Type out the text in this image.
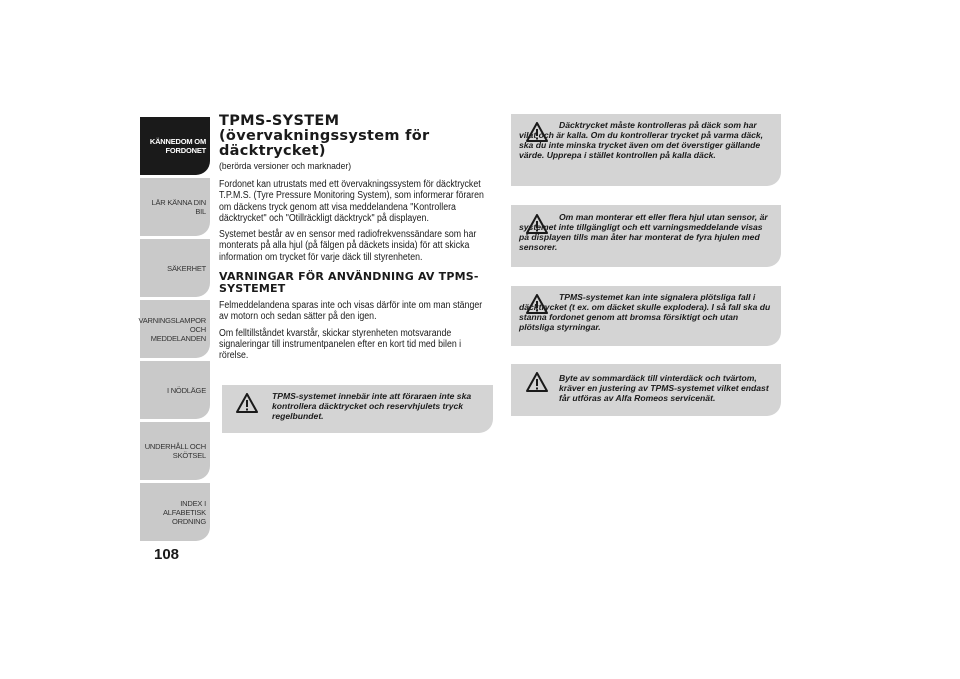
KÄNNEDOM OM FORDONET
LÄR KÄNNA DIN BIL
SÄKERHET
VARNINGSLAMPOR OCH MEDDELANDEN
I NÖDLÄGE
UNDERHÅLL OCH SKÖTSEL
INDEX I ALFABETISK ORDNING
108
TPMS-SYSTEM (övervakningssystem för däcktrycket)
(berörda versioner och marknader)

Fordonet kan utrustats med ett övervakningssystem för däcktrycket T.P.M.S. (Tyre Pressure Monitoring System), som informerar föraren om däckens tryck genom att visa meddelandena "Kontrollera däcktrycket" och "Otillräckligt däcktryck" på displayen.

Systemet består av en sensor med radiofrekvenssändare som har monterats på alla hjul (på fälgen på däckets insida) för att skicka information om trycket för varje däck till styrenheten.

VARNINGAR FÖR ANVÄNDNING AV TPMS-SYSTEMET

Felmeddelandena sparas inte och visas därför inte om man stänger av motorn och sedan sätter på den igen.

Om felltillståndet kvarstår, skickar styrenheten motsvarande signaleringar till instrumentpanelen efter en kort tid med bilen i rörelse.

TPMS-systemet innebär inte att föraraen inte ska kontrollera däcktrycket och reservhjulets tryck regelbundet.
Däcktrycket måste kontrolleras på däck som har vilat och är kalla. Om du kontrollerar trycket på varma däck, ska du inte minska trycket även om det överstiger gällande värde. Upprepa i stället kontrollen på kalla däck.
Om man monterar ett eller flera hjul utan sensor, är systemet inte tillgängligt och ett varningsmeddelande visas på displayen tills man åter har monterat de fyra hjulen med sensorer.
TPMS-systemet kan inte signalera plötsliga fall i däcktrycket (t ex. om däcket skulle explodera). I så fall ska du stanna fordonet genom att bromsa försiktigt och utan plötsliga styrningar.
Byte av sommardäck till vinterdäck och tvärtom, kräver en justering av TPMS-systemet vilket endast får utföras av Alfa Romeos servicenät.
